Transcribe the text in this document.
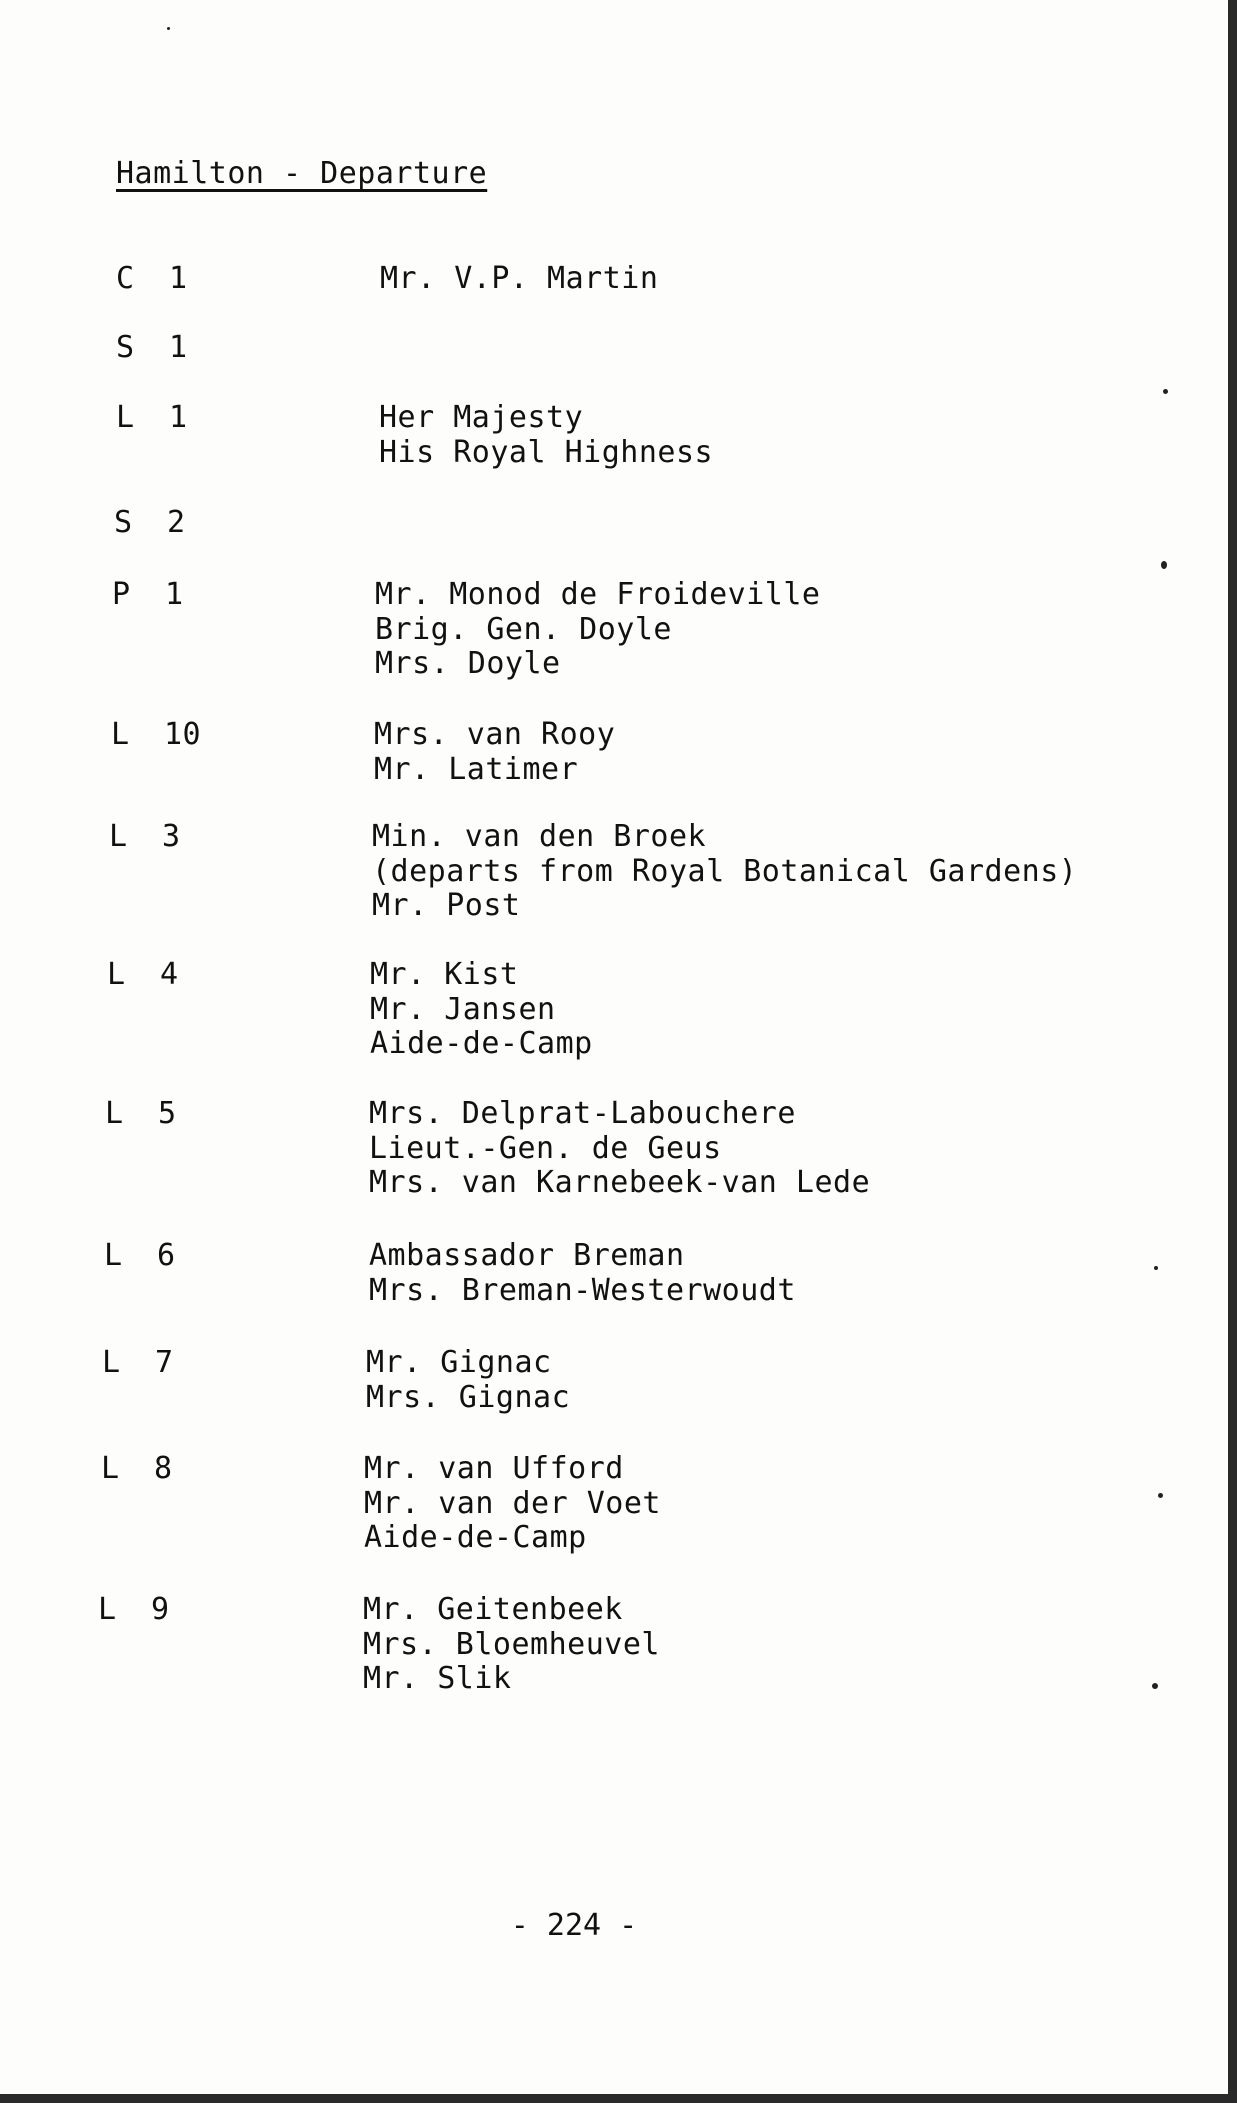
Hamilton - Departure
C	1	Mr. V.P. Martin
S	1
L	1	Her Majesty
His Royal Highness
S	2
P	1	Mr. Monod de Froideville
Brig. Gen. Doyle
Mrs. Doyle
L	10	Mrs. van Rooy
Mr. Latimer
L	3	Min. van den Broek
(departs from Royal Botanical Gardens)
Mr. Post
L	4	Mr. Kist
Mr. Jansen
Aide-de-Camp
L	5	Mrs. Delprat-Labouchere
Lieut.-Gen. de Geus
Mrs. van Karnebeek-van Lede
L	6	Ambassador Breman
Mrs. Breman-Westerwoudt
L	7	Mr. Gignac
Mrs. Gignac
L	8	Mr. van Ufford
Mr. van der Voet
Aide-de-Camp
L	9	Mr. Geitenbeek
Mrs. Bloemheuvel
Mr. Slik
- 224 -
